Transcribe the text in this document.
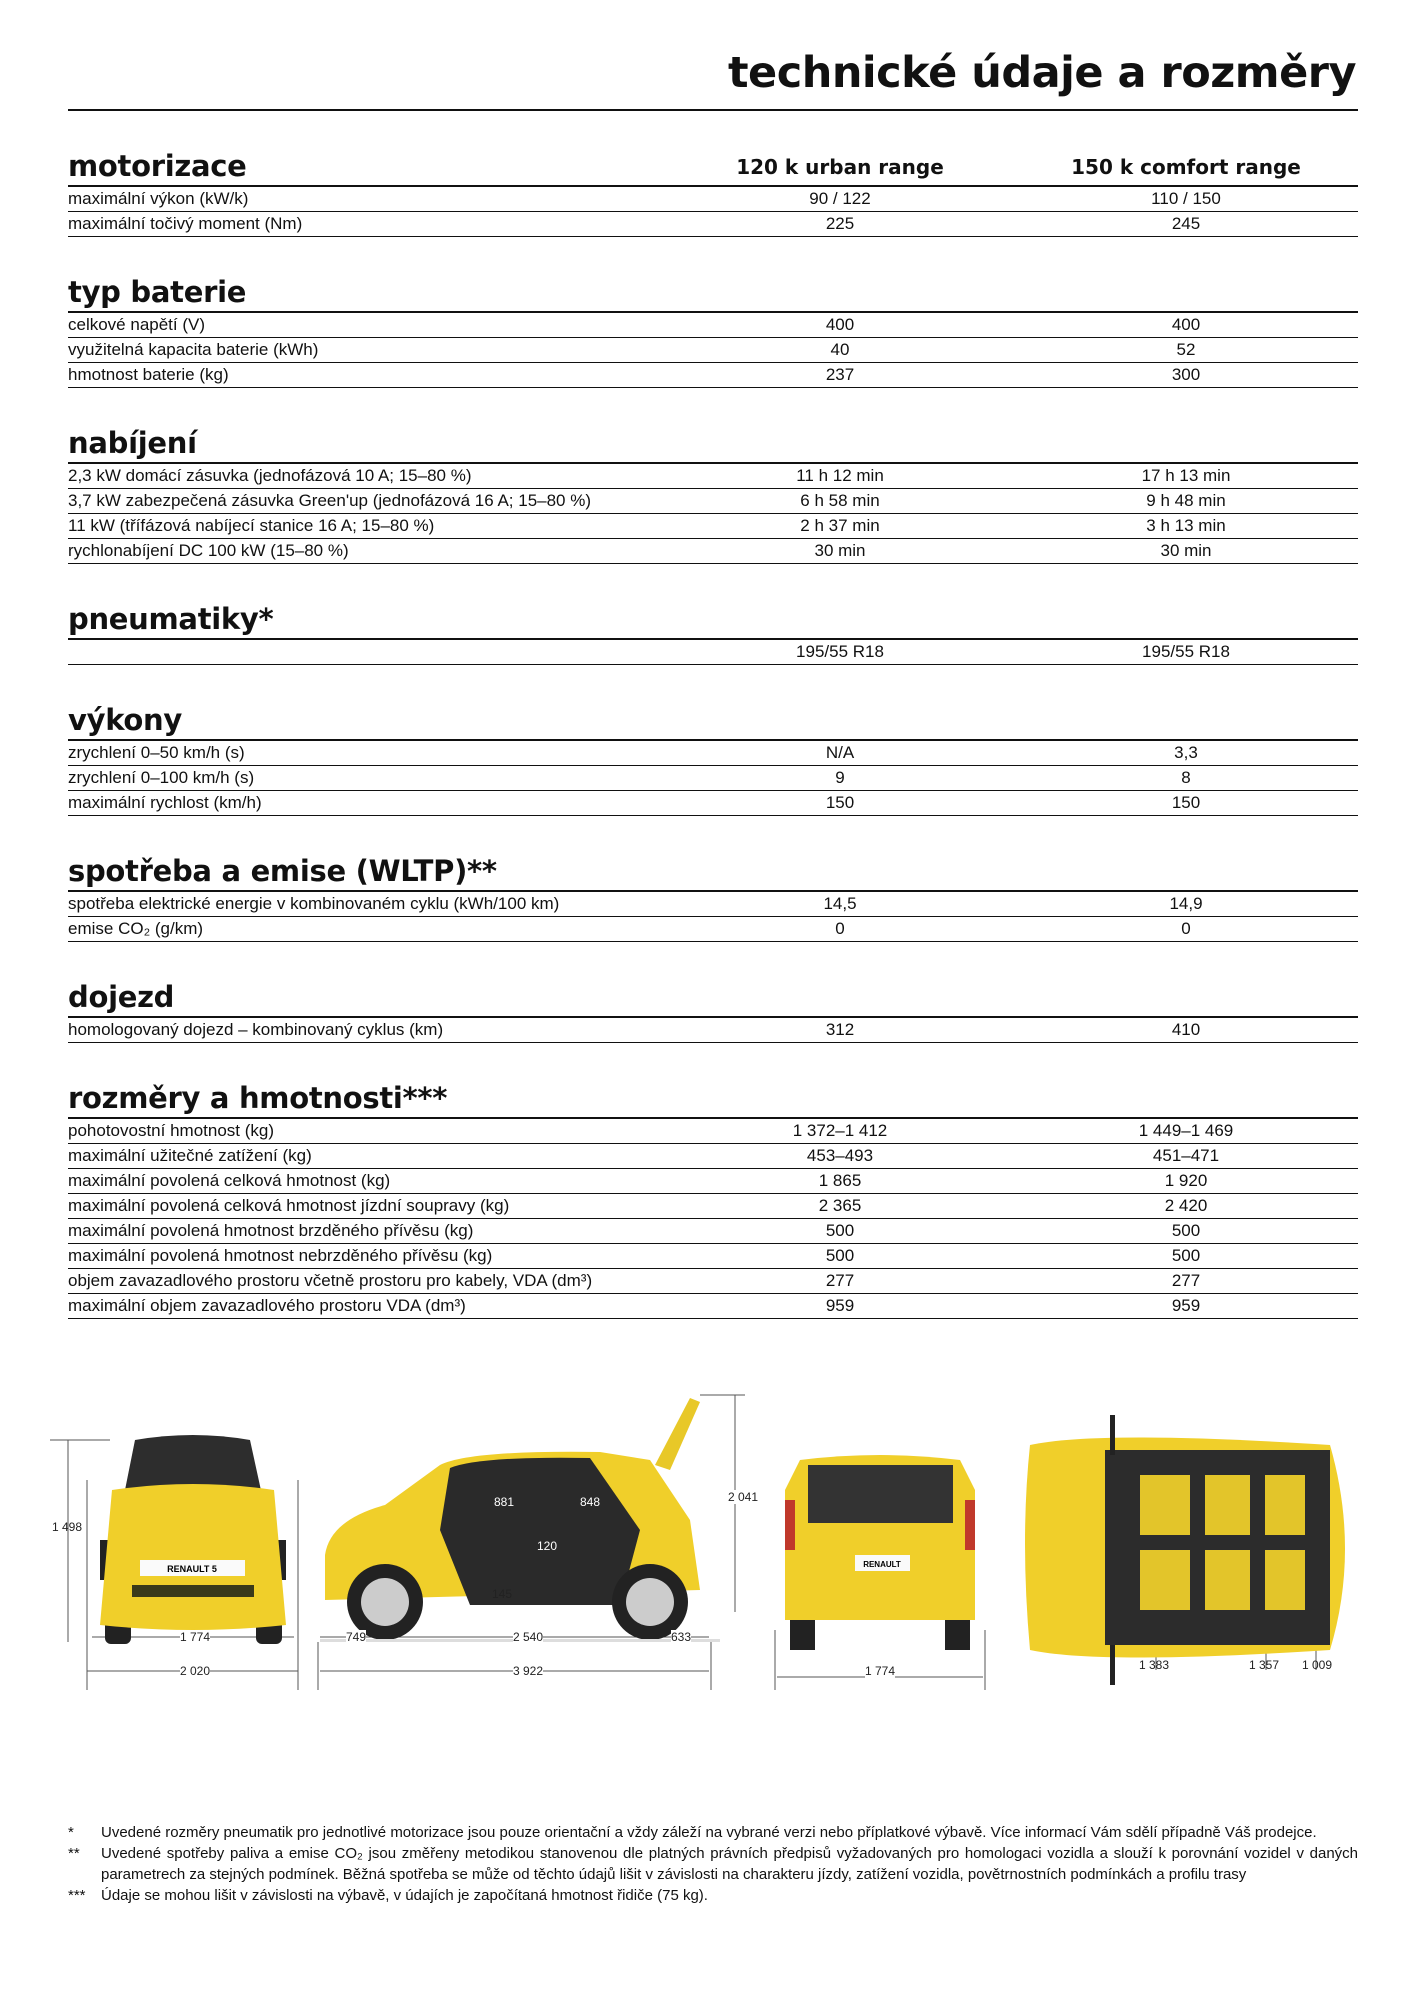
technické údaje a rozměry
motorizace	120 k urban range	150 k comfort range
maximální výkon (kW/k)	90 / 122	110 / 150
maximální točivý moment (Nm)	225	245
typ baterie
celkové napětí (V)	400	400
využitelná kapacita baterie (kWh)	40	52
hmotnost baterie (kg)	237	300
nabíjení
2,3 kW domácí zásuvka (jednofázová 10 A; 15–80 %)	11 h 12 min	17 h 13 min
3,7 kW zabezpečená zásuvka Green'up (jednofázová 16 A; 15–80 %)	6 h 58 min	9 h 48 min
11 kW (třífázová nabíjecí stanice 16 A; 15–80 %)	2 h 37 min	3 h 13 min
rychlonabíjení DC 100 kW (15–80 %)	30 min	30 min
pneumatiky*
195/55 R18	195/55 R18
výkony
zrychlení 0–50 km/h (s)	N/A	3,3
zrychlení 0–100 km/h (s)	9	8
maximální rychlost (km/h)	150	150
spotřeba a emise (WLTP)**
spotřeba elektrické energie v kombinovaném cyklu (kWh/100 km)	14,5	14,9
emise CO₂ (g/km)	0	0
dojezd
homologovaný dojezd – kombinovaný cyklus (km)	312	410
rozměry a hmotnosti***
pohotovostní hmotnost (kg)	1 372–1 412	1 449–1 469
maximální užitečné zatížení (kg)	453–493	451–471
maximální povolená celková hmotnost (kg)	1 865	1 920
maximální povolená celková hmotnost jízdní soupravy (kg)	2 365	2 420
maximální povolená hmotnost brzděného přívěsu (kg)	500	500
maximální povolená hmotnost nebrzděného přívěsu (kg)	500	500
objem zavazadlového prostoru včetně prostoru pro kabely, VDA (dm³)	277	277
maximální objem zavazadlového prostoru VDA (dm³)	959	959
RENAULT 5	RENAULT
1 498
1 774
2 020
749	2 540	633
3 922
145
881	848
120
2 041
1 774	1 383	1 357 1 009
* Uvedené rozměry pneumatik pro jednotlivé motorizace jsou pouze orientační a vždy záleží na vybrané verzi nebo příplatkové výbavě. Více informací Vám sdělí případně Váš prodejce.
** Uvedené spotřeby paliva a emise CO₂ jsou změřeny metodikou stanovenou dle platných právních předpisů vyžadovaných pro homologaci vozidla a slouží k porovnání vozidel v daných parametrech za stejných podmínek. Běžná spotřeba se může od těchto údajů lišit v závislosti na charakteru jízdy, zatížení vozidla, povětrnostních podmínkách a profilu trasy
*** Údaje se mohou lišit v závislosti na výbavě, v údajích je započítaná hmotnost řidiče (75 kg).
